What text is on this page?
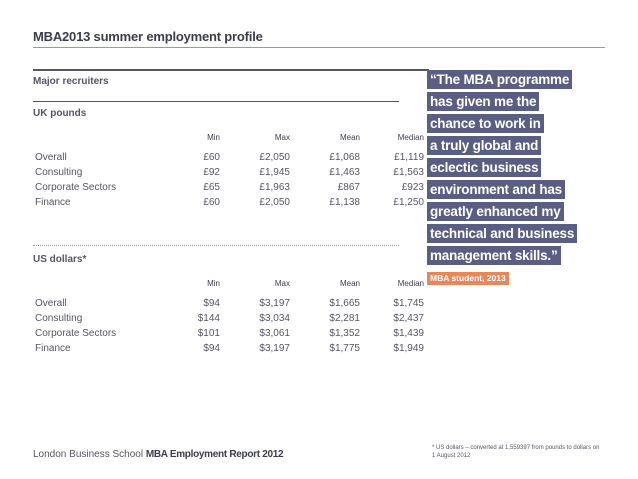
MBA2013 summer employment profile
Major recruiters
UK pounds
	Min	Max	Mean	Median
Overall	£60	£2,050	£1,068	£1,119
Consulting	£92	£1,945	£1,463	£1,563
Corporate Sectors	£65	£1,963	£867	£923
Finance	£60	£2,050	£1,138	£1,250
US dollars*
	Min	Max	Mean	Median
Overall	$94	$3,197	$1,665	$1,745
Consulting	$144	$3,034	$2,281	$2,437
Corporate Sectors	$101	$3,061	$1,352	$1,439
Finance	$94	$3,197	$1,775	$1,949
“The MBA programme
has given me the
chance to work in
a truly global and
eclectic business
environment and has
greatly enhanced my
technical and business
management skills.”
MBA student, 2013
London Business School MBA Employment Report 2012
* US dollars – converted at 1.559397 from pounds to dollars on 1 August 2012
